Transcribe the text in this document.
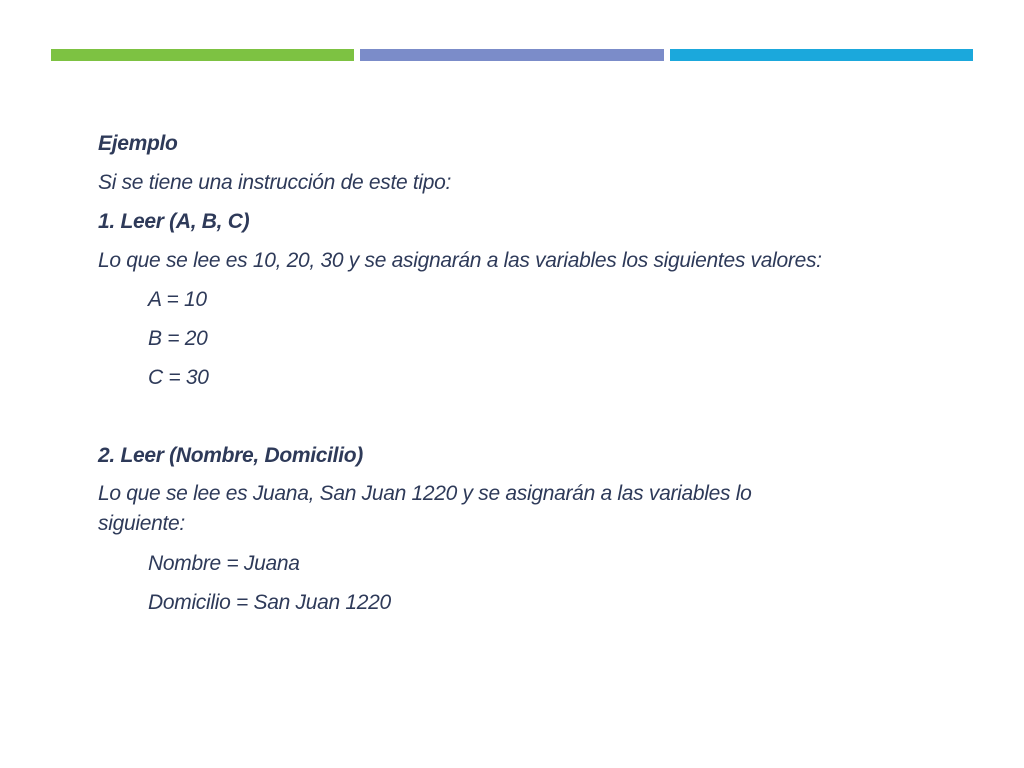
Ejemplo

Si se tiene una instrucción de este tipo:

1. Leer (A, B, C)

Lo que se lee es 10, 20, 30 y se asignarán a las variables los siguientes valores:

A = 10

B = 20

C = 30

2. Leer (Nombre, Domicilio)

Lo que se lee es Juana, San Juan 1220 y se asignarán a las variables lo siguiente:

Nombre = Juana

Domicilio = San Juan 1220
